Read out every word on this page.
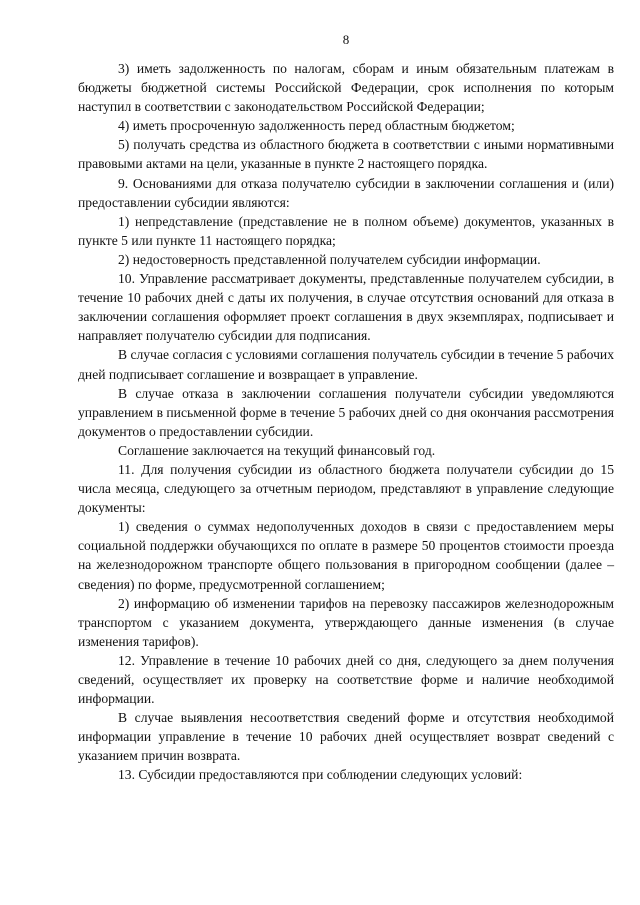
8

3) иметь задолженность по налогам, сборам и иным обязательным платежам в бюджеты бюджетной системы Российской Федерации, срок исполнения по которым наступил в соответствии с законодательством Российской Федерации;

4) иметь просроченную задолженность перед областным бюджетом;

5) получать средства из областного бюджета в соответствии с иными нормативными правовыми актами на цели, указанные в пункте 2 настоящего порядка.

9. Основаниями для отказа получателю субсидии в заключении соглашения и (или) предоставлении субсидии являются:

1) непредставление (представление не в полном объеме) документов, указанных в пункте 5 или пункте 11 настоящего порядка;

2) недостоверность представленной получателем субсидии информации.

10. Управление рассматривает документы, представленные получателем субсидии, в течение 10 рабочих дней с даты их получения, в случае отсутствия оснований для отказа в заключении соглашения оформляет проект соглашения в двух экземплярах, подписывает и направляет получателю субсидии для подписания.

В случае согласия с условиями соглашения получатель субсидии в течение 5 рабочих дней подписывает соглашение и возвращает в управление.

В случае отказа в заключении соглашения получатели субсидии уведомляются управлением в письменной форме в течение 5 рабочих дней со дня окончания рассмотрения документов о предоставлении субсидии.

Соглашение заключается на текущий финансовый год.

11. Для получения субсидии из областного бюджета получатели субсидии до 15 числа месяца, следующего за отчетным периодом, представляют в управление следующие документы:

1) сведения о суммах недополученных доходов в связи с предоставлением меры социальной поддержки обучающихся по оплате в размере 50 процентов стоимости проезда на железнодорожном транспорте общего пользования в пригородном сообщении (далее – сведения) по форме, предусмотренной соглашением;

2) информацию об изменении тарифов на перевозку пассажиров железнодорожным транспортом с указанием документа, утверждающего данные изменения (в случае изменения тарифов).

12. Управление в течение 10 рабочих дней со дня, следующего за днем получения сведений, осуществляет их проверку на соответствие форме и наличие необходимой информации.

В случае выявления несоответствия сведений форме и отсутствия необходимой информации управление в течение 10 рабочих дней осуществляет возврат сведений с указанием причин возврата.

13. Субсидии предоставляются при соблюдении следующих условий:
